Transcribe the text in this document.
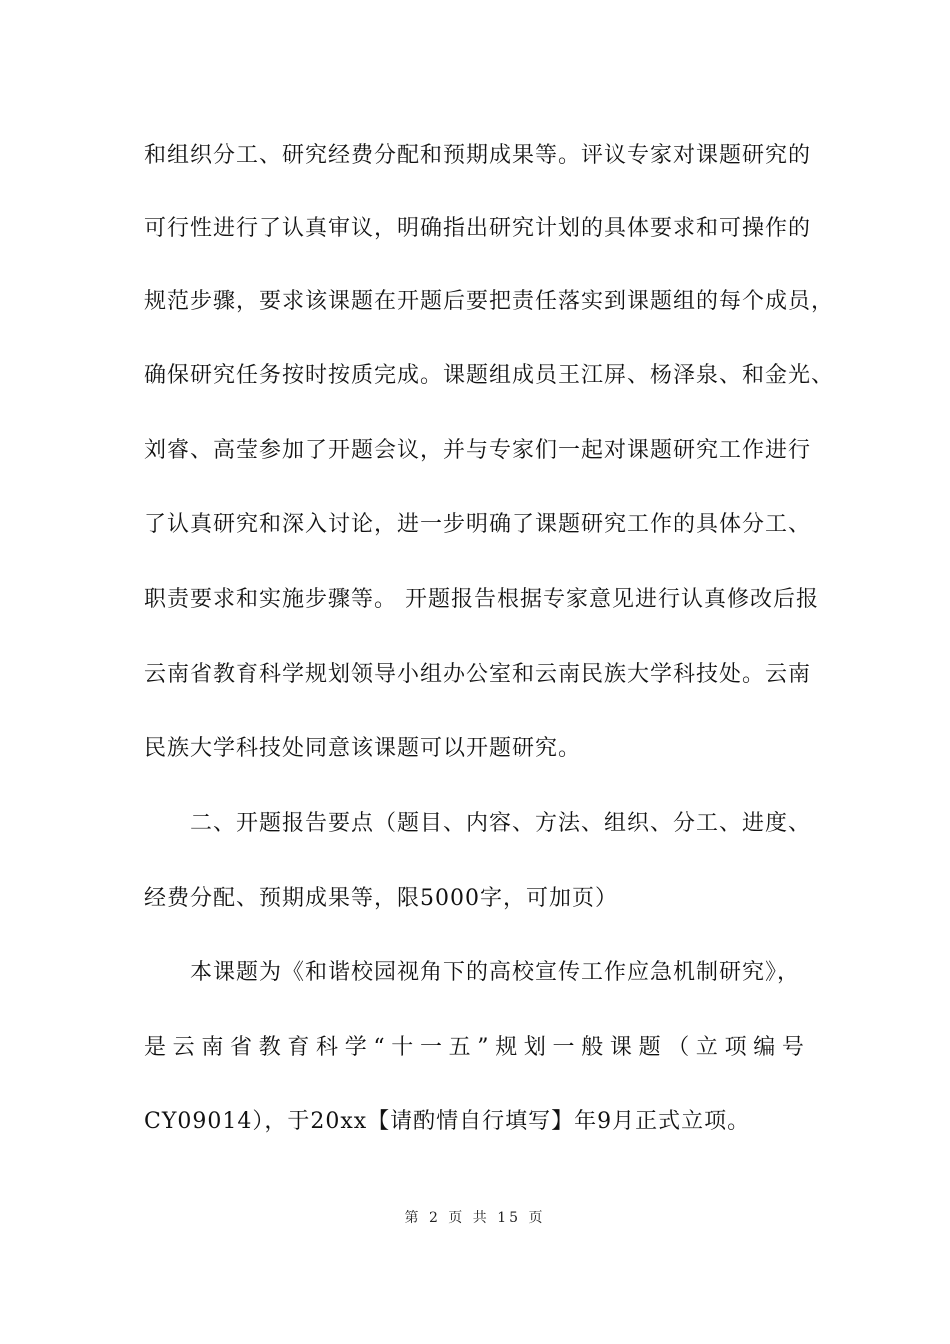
和组织分工、研究经费分配和预期成果等。评议专家对课题研究的
可行性进行了认真审议，明确指出研究计划的具体要求和可操作的
规范步骤，要求该课题在开题后要把责任落实到课题组的每个成员，
确保研究任务按时按质完成。课题组成员王江屏、杨泽泉、和金光、
刘睿、高莹参加了开题会议，并与专家们一起对课题研究工作进行
了认真研究和深入讨论，进一步明确了课题研究工作的具体分工、
职责要求和实施步骤等。 开题报告根据专家意见进行认真修改后报
云南省教育科学规划领导小组办公室和云南民族大学科技处。云南
民族大学科技处同意该课题可以开题研究。
二、开题报告要点（题目、内容、方法、组织、分工、进度、
经费分配、预期成果等，限5000字，可加页）
本课题为《和谐校园视角下的高校宣传工作应急机制研究》，
是 云 南 省 教 育 科 学 “ 十 一 五 ” 规 划 一 般 课 题 （ 立 项 编 号
CY09014），于20xx【请酌情自行填写】年9月正式立项。
第 2 页 共 15 页
